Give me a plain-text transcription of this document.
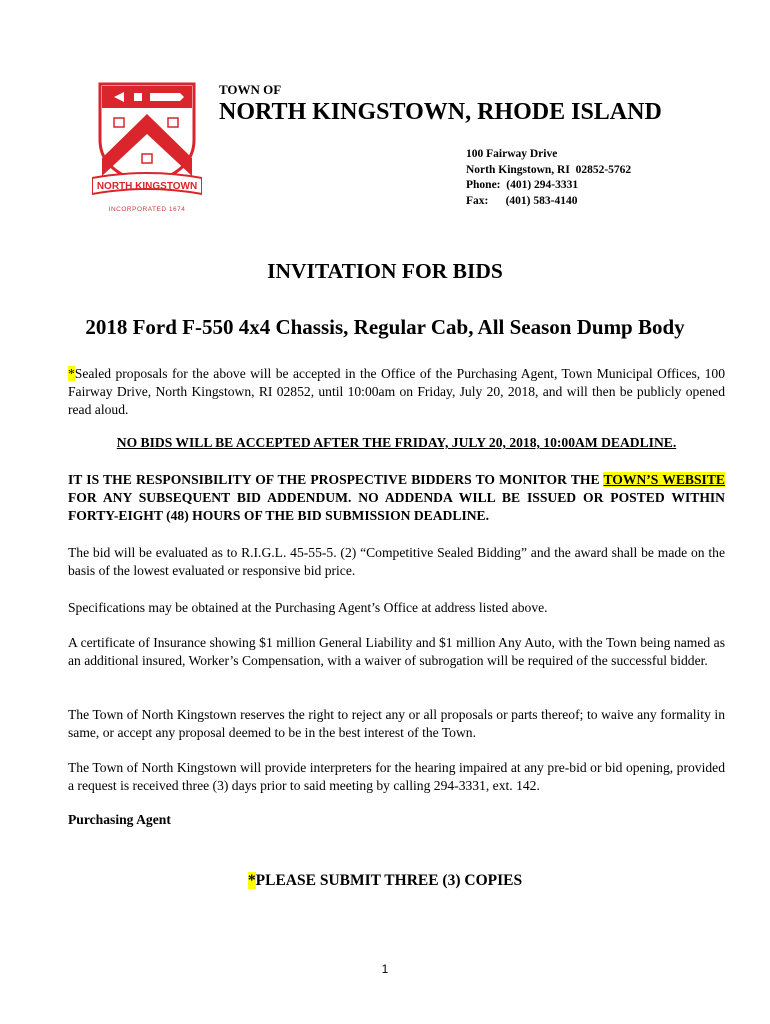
NORTH KINGSTOWN
INCORPORATED 1674
TOWN OF
NORTH KINGSTOWN, RHODE ISLAND
100 Fairway Drive
North Kingstown, RI  02852-5762
Phone:  (401) 294-3331
Fax:      (401) 583-4140
INVITATION FOR BIDS
2018 Ford F-550 4x4 Chassis, Regular Cab, All Season Dump Body
*Sealed proposals for the above will be accepted in the Office of the Purchasing Agent, Town Municipal Offices, 100 Fairway Drive, North Kingstown, RI 02852, until 10:00am on Friday, July 20, 2018, and will then be publicly opened read aloud.
NO BIDS WILL BE ACCEPTED AFTER THE FRIDAY, JULY 20, 2018, 10:00AM DEADLINE.
IT IS THE RESPONSIBILITY OF THE PROSPECTIVE BIDDERS TO MONITOR THE TOWN’S WEBSITE FOR ANY SUBSEQUENT BID ADDENDUM. NO ADDENDA WILL BE ISSUED OR POSTED WITHIN FORTY-EIGHT (48) HOURS OF THE BID SUBMISSION DEADLINE.
The bid will be evaluated as to R.I.G.L. 45-55-5. (2) “Competitive Sealed Bidding” and the award shall be made on the basis of the lowest evaluated or responsive bid price.
Specifications may be obtained at the Purchasing Agent’s Office at address listed above.
A certificate of Insurance showing $1 million General Liability and $1 million Any Auto, with the Town being named as an additional insured, Worker’s Compensation, with a waiver of subrogation will be required of the successful bidder.
The Town of North Kingstown reserves the right to reject any or all proposals or parts thereof; to waive any formality in same, or accept any proposal deemed to be in the best interest of the Town.
The Town of North Kingstown will provide interpreters for the hearing impaired at any pre-bid or bid opening, provided a request is received three (3) days prior to said meeting by calling 294-3331, ext. 142.
Purchasing Agent
*PLEASE SUBMIT THREE (3) COPIES
1
